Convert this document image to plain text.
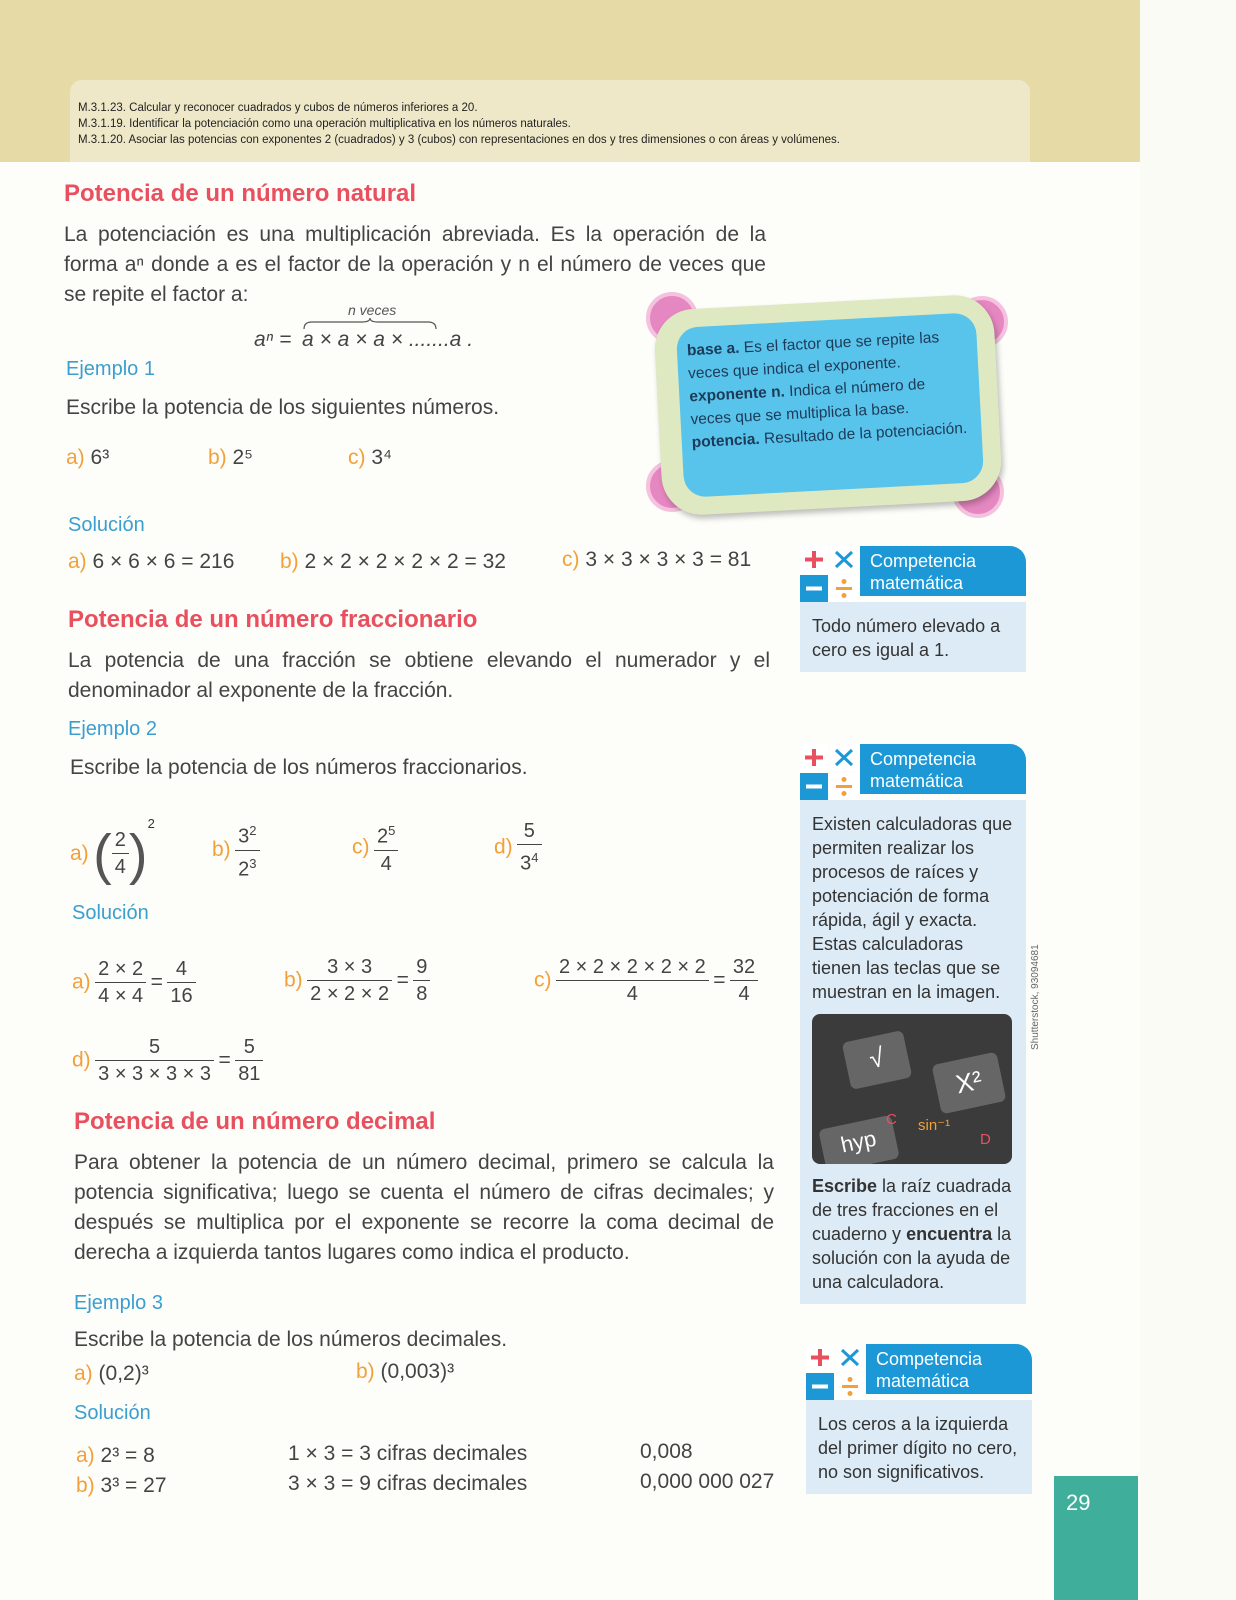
M.3.1.23. Calcular y reconocer cuadrados y cubos de números inferiores a 20.
M.3.1.19. Identificar la potenciación como una operación multiplicativa en los números naturales.
M.3.1.20. Asociar las potencias con exponentes 2 (cuadrados) y 3 (cubos) con representaciones en dos y tres dimensiones o con áreas y volúmenes.
Potencia de un número natural
La potenciación es una multiplicación abreviada. Es la operación de la forma aⁿ donde a es el factor de la operación y n el número de veces que se repite el factor a:
n veces
aⁿ = a × a × a × .......a .
Ejemplo 1
Escribe la potencia de los siguientes números.
a) 6³	b) 2⁵	c) 3⁴
Solución
a) 6 × 6 × 6 = 216 b) 2 × 2 × 2 × 2 × 2 = 32	c) 3 × 3 × 3 × 3 = 81

base a. Es el factor que se repite las veces que indica el exponente.

exponente n. Indica el número de veces que se multiplica la base.

potencia. Resultado de la potenciación.

Potencia de un número fraccionario
La potencia de una fracción se obtiene elevando el numerador y el denominador al exponente de la fracción.
Ejemplo 2
Escribe la potencia de los números fraccionarios.
a) ( $\frac{2}{4} )^2$
$b) \frac{3^2}{2^3}$	$c) \frac{2^5}{4}$	$d) \frac{5}{3^4}$
Solución
$a) \frac{2 \times 2}{4 \times 4} = \frac{4}{16}$	$b) \frac{3 \times 3}{2 \times 2 \times 2} = \frac{9}{8}$	$c) \frac{2 \times 2 \times 2 \times 2 \times 2}{4} = \frac{32}{4}$
$d) \frac{5}{3 \times 3 \times 3 \times 3} = \frac{5}{81}$
Potencia de un número decimal
Para obtener la potencia de un número decimal, primero se calcula la potencia significativa; luego se cuenta el número de cifras decimales; y después se multiplica por el exponente se recorre la coma decimal de derecha a izquierda tantos lugares como indica el producto.
Ejemplo 3
Escribe la potencia de los números decimales.
a) (0,2)³	b) (0,003)³
Solución
a) 2³ = 8	1 × 3 = 3 cifras decimales	0,008
b) 3³ = 27	3 × 3 = 9 cifras decimales	0,000 000 027
Competencia matemática
Todo número elevado a cero es igual a 1.
Competencia matemática
Existen calculadoras que permiten realizar los procesos de raíces y potenciación de forma rápida, ágil y exacta. Estas calculadoras tienen las teclas que se muestran en la imagen.
√
X²
hyp
C sin⁻¹
D
Escribe la raíz cuadrada de tres fracciones en el cuaderno y encuentra la solución con la ayuda de una calculadora.
Competencia matemática
Los ceros a la izquierda del primer dígito no cero, no son significativos.
Shutterstock, 93094681
29
